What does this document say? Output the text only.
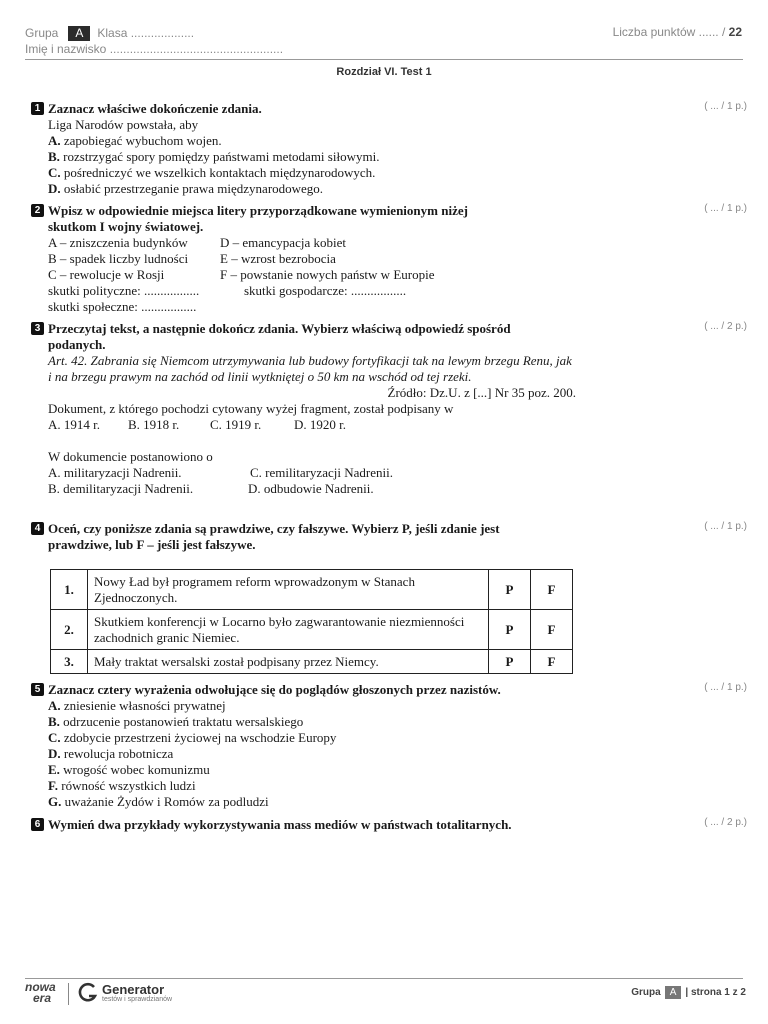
Grupa	A	Klasa ...................
Imię i nazwisko ....................................................
Liczba punktów ...... / 22
Rozdział VI. Test 1
1 Zaznacz właściwe dokończenie zdania.
Liga Narodów powstała, aby
A. zapobiegać wybuchom wojen.
B. rozstrzygać spory pomiędzy państwami metodami siłowymi.
C. pośredniczyć we wszelkich kontaktach międzynarodowych.
D. osłabić przestrzeganie prawa międzynarodowego.
( ... / 1 p.)
2 Wpisz w odpowiednie miejsca litery przyporządkowane wymienionym niżej
skutkom I wojny światowej.
A – zniszczenia budynków
B – spadek liczby ludności
C – rewolucje w Rosji
D – emancypacja kobiet
E – wzrost bezrobocia
F – powstanie nowych państw w Europie
skutki polityczne: .................	skutki gospodarcze: .................
skutki społeczne: .................
( ... / 1 p.)
3 Przeczytaj tekst, a następnie dokończ zdania. Wybierz właściwą odpowiedź spośród
podanych.
Art. 42. Zabrania się Niemcom utrzymywania lub budowy fortyfikacji tak na lewym brzegu Renu, jak i na brzegu prawym na zachód od linii wytkniętej o 50 km na wschód od tej rzeki.
Źródło: Dz.U. z [...] Nr 35 poz. 200.
Dokument, z którego pochodzi cytowany wyżej fragment, został podpisany w
A. 1914 r.	B. 1918 r.	C. 1919 r.	D. 1920 r.
W dokumencie postanowiono o
A. militaryzacji Nadrenii.	C. remilitaryzacji Nadrenii.
B. demilitaryzacji Nadrenii.	D. odbudowie Nadrenii.
( ... / 2 p.)
4 Oceń, czy poniższe zdania są prawdziwe, czy fałszywe. Wybierz P, jeśli zdanie jest
prawdziwe, lub F – jeśli jest fałszywe.
( ... / 1 p.)
1.	Nowy Ład był programem reform wprowadzonym w Stanach Zjednoczonych.	P	F
2.	Skutkiem konferencji w Locarno było zagwarantowanie niezmienności zachodnich granic Niemiec.	P	F
3.	Mały traktat wersalski został podpisany przez Niemcy.	P	F
5 Zaznacz cztery wyrażenia odwołujące się do poglądów głoszonych przez nazistów.
A. zniesienie własności prywatnej
B. odrzucenie postanowień traktatu wersalskiego
C. zdobycie przestrzeni życiowej na wschodzie Europy
D. rewolucja robotnicza
E. wrogość wobec komunizmu
F. równość wszystkich ludzi
G. uważanie Żydów i Romów za podludzi
( ... / 1 p.)
6 Wymień dwa przykłady wykorzystywania mass mediów w państwach totalitarnych.	( ... / 2 p.)
nowa
era
Generator
testów i sprawdzianów
Grupa A | strona 1 z 2
